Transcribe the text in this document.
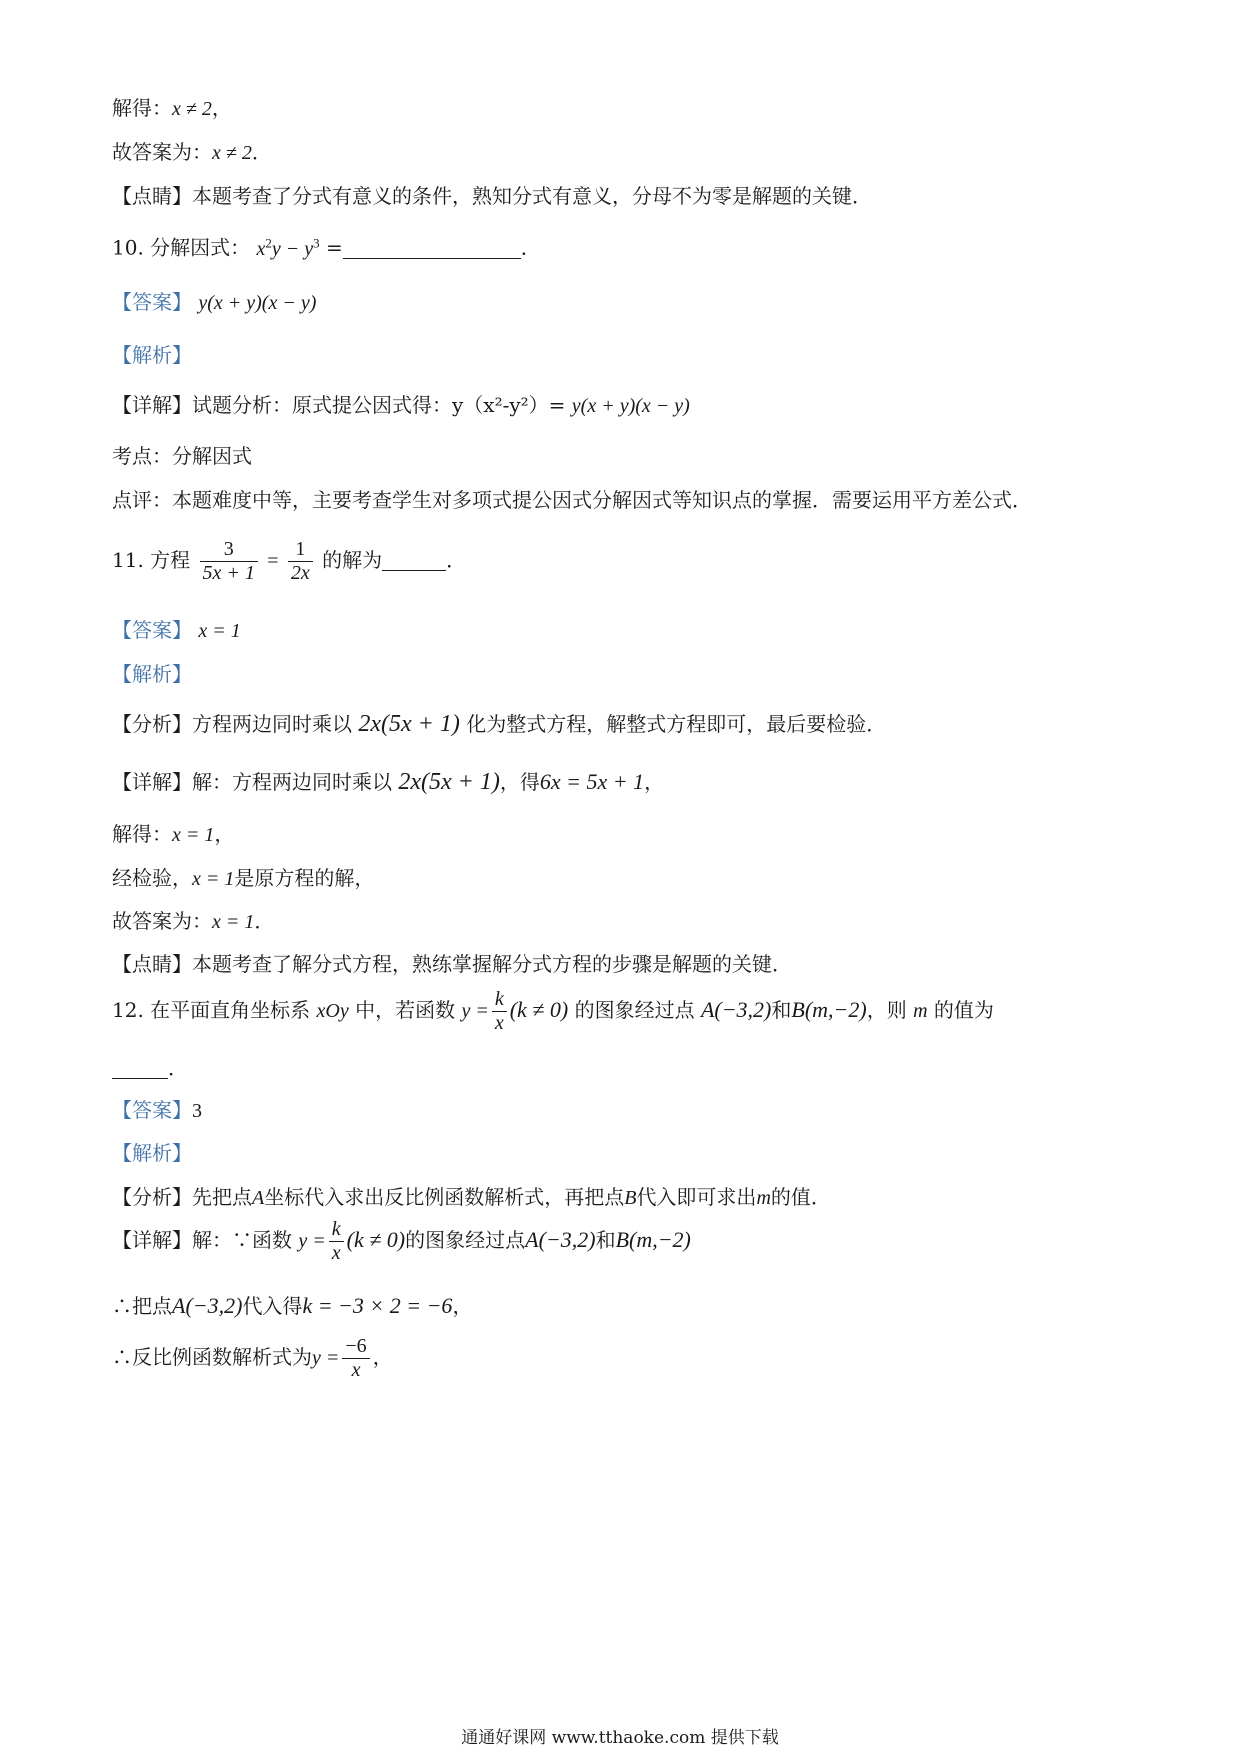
解得：x ≠ 2，
故答案为：x ≠ 2．
【点睛】本题考查了分式有意义的条件，熟知分式有意义，分母不为零是解题的关键．
10. 分解因式： $x^2y - y^3$ =	．
【答案】 y(x + y)(x − y)
【解析】
【详解】试题分析：原式提公因式得：y（x²-y²）= y(x + y)(x − y)
考点：分解因式
点评：本题难度中等，主要考查学生对多项式提公因式分解因式等知识点的掌握．需要运用平方差公式．
11. 方程 $\frac{3}{5x + 1} = \frac{1}{2x}$ 的解为	．
【答案】 x = 1
【解析】
【分析】方程两边同时乘以 2x(5x + 1) 化为整式方程，解整式方程即可，最后要检验．
【详解】解：方程两边同时乘以 2x(5x + 1)，得6x = 5x + 1，
解得：x = 1，
经检验，x = 1是原方程的解，
故答案为：x = 1．
【点睛】本题考查了解分式方程，熟练掌握解分式方程的步骤是解题的关键．
12. 在平面直角坐标系 xOy 中，若函数 $y = \frac{k}{x} (k \ne 0)$ 的图象经过点 A(−3,2)和B(m,−2)，则 m 的值为
．
【答案】3
【解析】
【分析】先把点A坐标代入求出反比例函数解析式，再把点B代入即可求出m的值．
【详解】解：∵函数 $y = \frac{k}{x} (k \ne 0)$的图象经过点A(−3,2)和B(m,−2)
∴把点A(−3,2)代入得k = −3 × 2 = −6，
∴反比例函数解析式为$y = \frac{-6}{x}$ ，
通通好课网 www.tthaoke.com 提供下载
